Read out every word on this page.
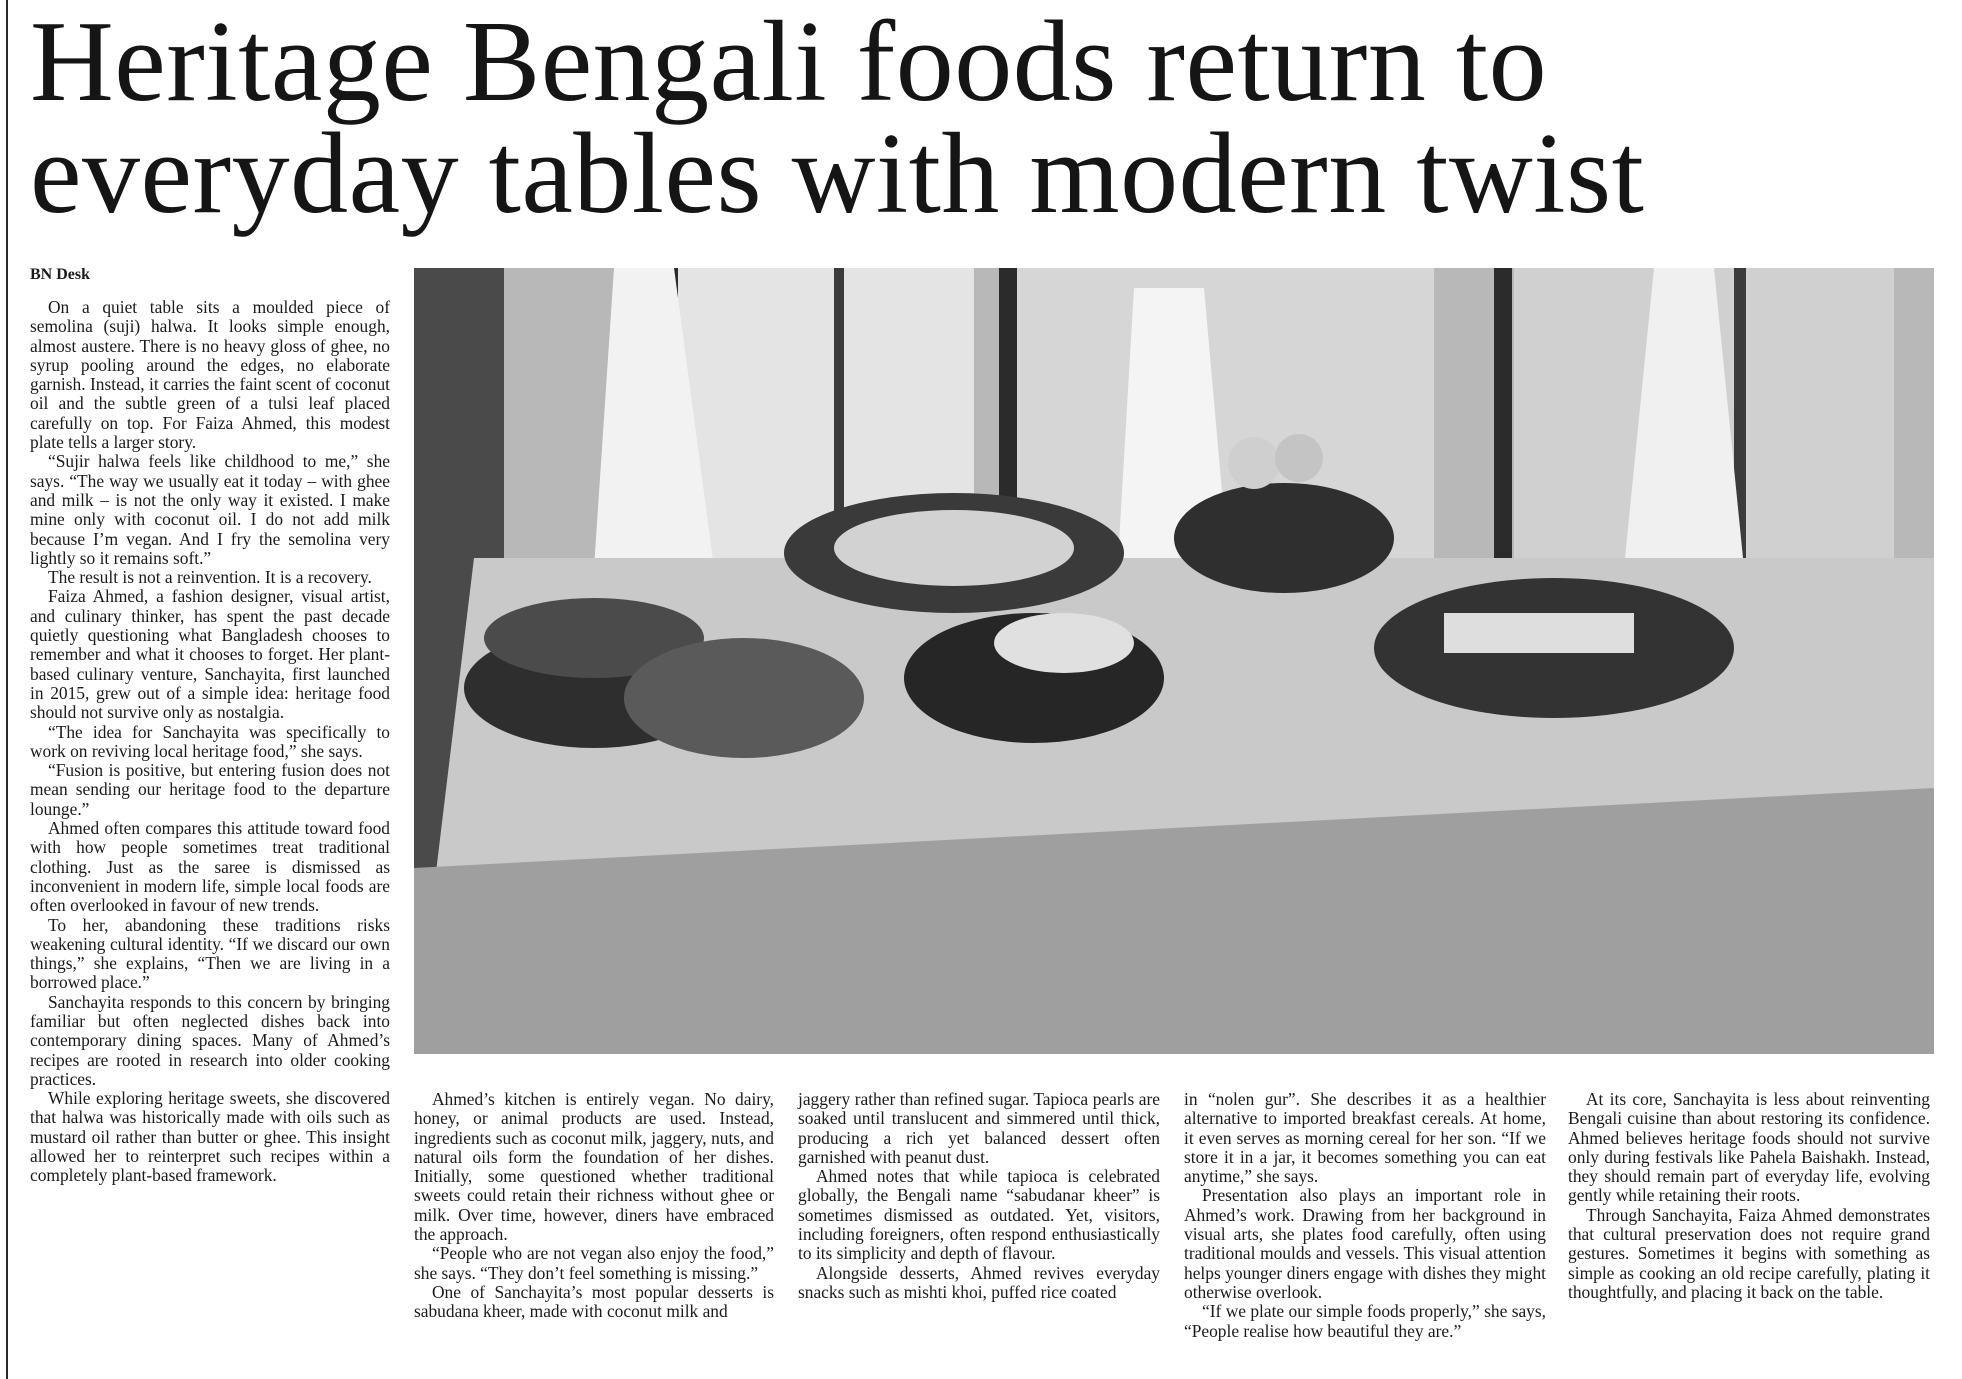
Heritage Bengali foods return to
everyday tables with modern twist
BN Desk

On a quiet table sits a moulded piece of semolina (suji) halwa. It looks simple enough, almost austere. There is no heavy gloss of ghee, no syrup pooling around the edges, no elaborate garnish. Instead, it carries the faint scent of coconut oil and the subtle green of a tulsi leaf placed carefully on top. For Faiza Ahmed, this modest plate tells a larger story.

“Sujir halwa feels like childhood to me,” she says. “The way we usually eat it today – with ghee and milk – is not the only way it existed. I make mine only with coconut oil. I do not add milk because I’m vegan. And I fry the semolina very lightly so it remains soft.”

The result is not a reinvention. It is a recovery.

Faiza Ahmed, a fashion designer, visual artist, and culinary thinker, has spent the past decade quietly questioning what Bangladesh chooses to remember and what it chooses to forget. Her plant-based culinary venture, Sanchayita, first launched in 2015, grew out of a simple idea: heritage food should not survive only as nostalgia.

“The idea for Sanchayita was specifically to work on reviving local heritage food,” she says.

“Fusion is positive, but entering fusion does not mean sending our heritage food to the departure lounge.”

Ahmed often compares this attitude toward food with how people sometimes treat traditional clothing. Just as the saree is dismissed as inconvenient in modern life, simple local foods are often overlooked in favour of new trends.

To her, abandoning these traditions risks weakening cultural identity. “If we discard our own things,” she explains, “Then we are living in a borrowed place.”

Sanchayita responds to this concern by bringing familiar but often neglected dishes back into contemporary dining spaces. Many of Ahmed’s recipes are rooted in research into older cooking practices.

While exploring heritage sweets, she discovered that halwa was historically made with oils such as mustard oil rather than butter or ghee. This insight allowed her to reinterpret such recipes within a completely plant-based framework.

Ahmed’s kitchen is entirely vegan. No dairy, honey, or animal products are used. Instead, ingredients such as coconut milk, jaggery, nuts, and natural oils form the foundation of her dishes. Initially, some questioned whether traditional sweets could retain their richness without ghee or milk. Over time, however, diners have embraced the approach.

“People who are not vegan also enjoy the food,” she says. “They don’t feel something is missing.”

One of Sanchayita’s most popular desserts is sabudana kheer, made with coconut milk and

jaggery rather than refined sugar. Tapioca pearls are soaked until translucent and simmered until thick, producing a rich yet balanced dessert often garnished with peanut dust.

Ahmed notes that while tapioca is celebrated globally, the Bengali name “sabudanar kheer” is sometimes dismissed as outdated. Yet, visitors, including foreigners, often respond enthusiastically to its simplicity and depth of flavour.

Alongside desserts, Ahmed revives everyday snacks such as mishti khoi, puffed rice coated

in “nolen gur”. She describes it as a healthier alternative to imported breakfast cereals. At home, it even serves as morning cereal for her son. “If we store it in a jar, it becomes something you can eat anytime,” she says.

Presentation also plays an important role in Ahmed’s work. Drawing from her background in visual arts, she plates food carefully, often using traditional moulds and vessels. This visual attention helps younger diners engage with dishes they might otherwise overlook.

“If we plate our simple foods properly,” she says, “People realise how beautiful they are.”

At its core, Sanchayita is less about reinventing Bengali cuisine than about restoring its confidence. Ahmed believes heritage foods should not survive only during festivals like Pahela Baishakh. Instead, they should remain part of everyday life, evolving gently while retaining their roots.

Through Sanchayita, Faiza Ahmed demonstrates that cultural preservation does not require grand gestures. Sometimes it begins with something as simple as cooking an old recipe carefully, plating it thoughtfully, and placing it back on the table.
